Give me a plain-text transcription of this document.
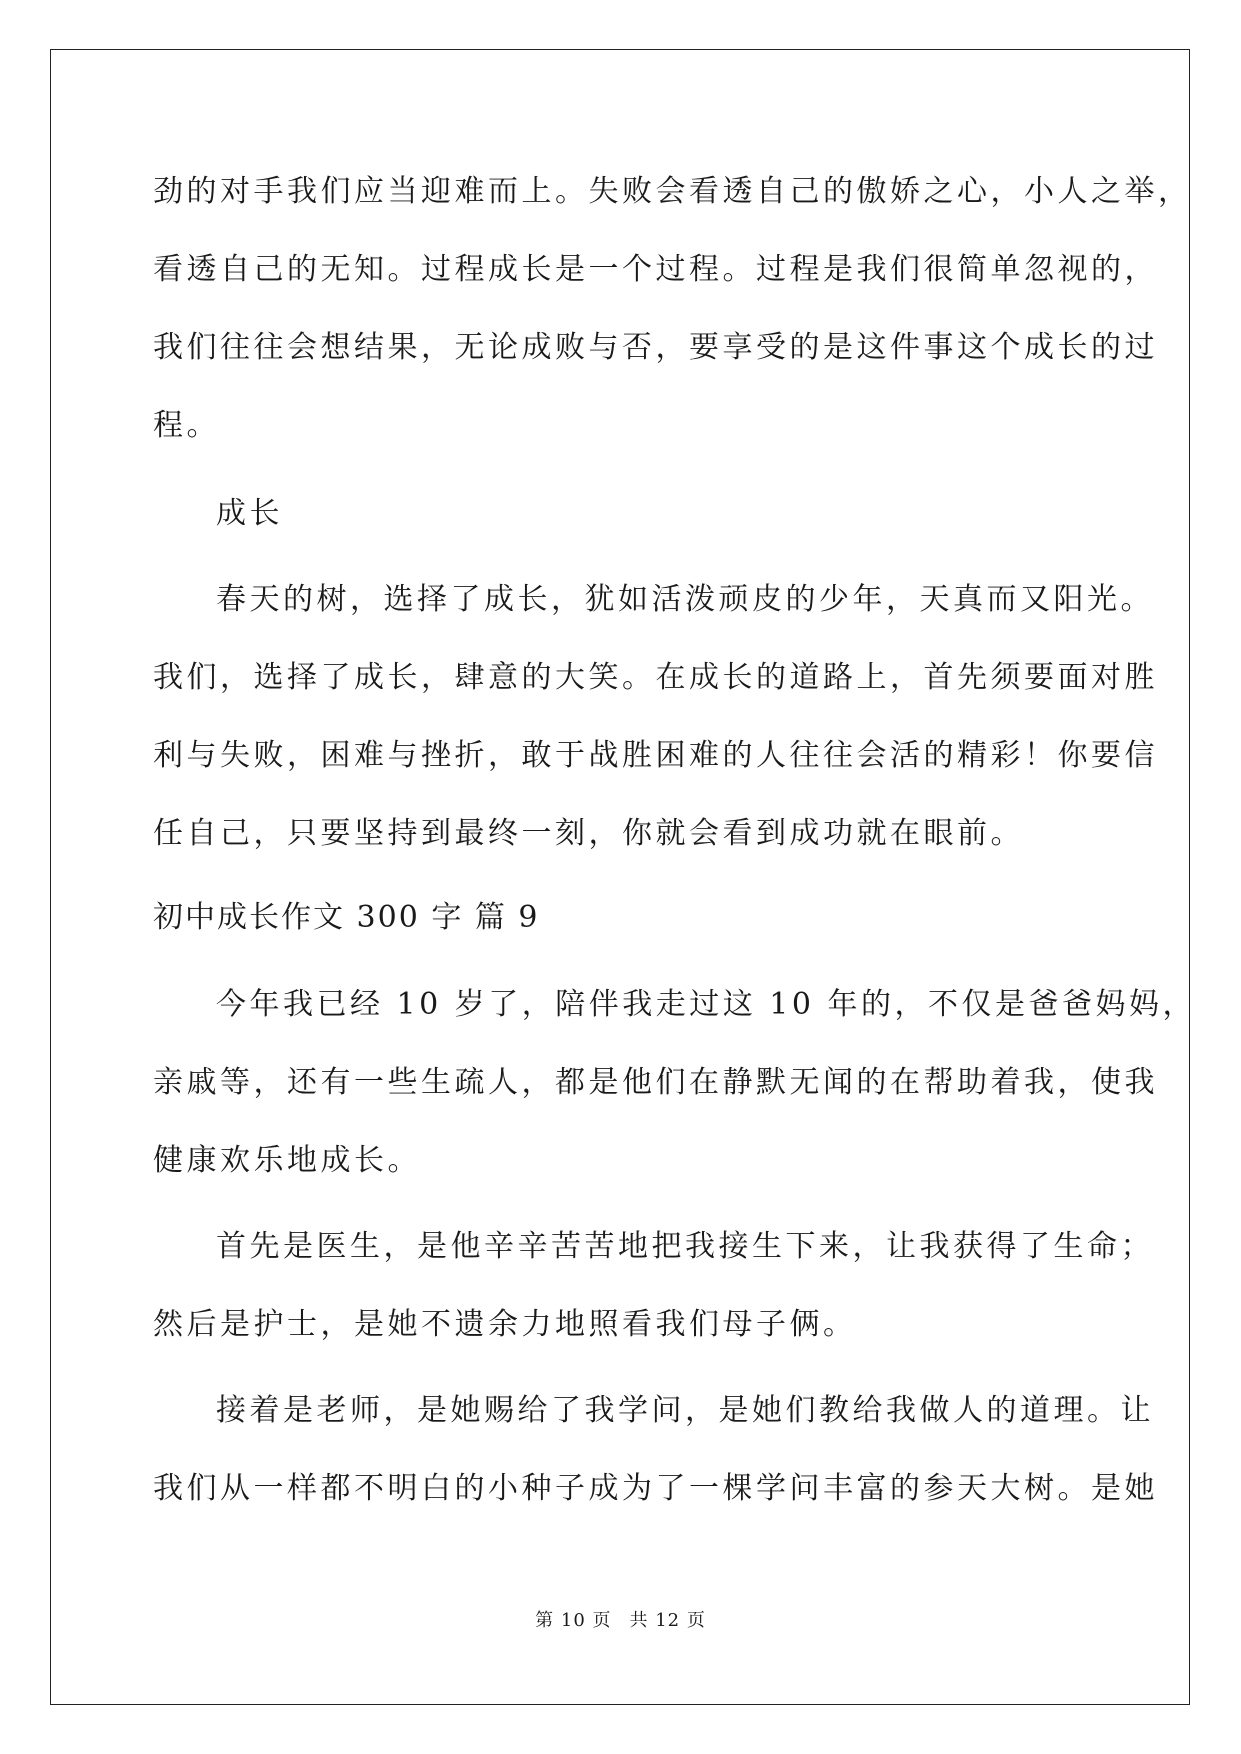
劲的对手我们应当迎难而上。失败会看透自己的傲娇之心，小人之举，
看透自己的无知。过程成长是一个过程。过程是我们很简单忽视的，
我们往往会想结果，无论成败与否，要享受的是这件事这个成长的过
程。
成长
春天的树，选择了成长，犹如活泼顽皮的少年，天真而又阳光。
我们，选择了成长，肆意的大笑。在成长的道路上，首先须要面对胜
利与失败，困难与挫折，敢于战胜困难的人往往会活的精彩！你要信
任自己，只要坚持到最终一刻，你就会看到成功就在眼前。
初中成长作文 300 字 篇 9
今年我已经 10 岁了，陪伴我走过这 10 年的，不仅是爸爸妈妈，
亲戚等，还有一些生疏人，都是他们在静默无闻的在帮助着我，使我
健康欢乐地成长。
首先是医生，是他辛辛苦苦地把我接生下来，让我获得了生命；
然后是护士，是她不遗余力地照看我们母子俩。
接着是老师，是她赐给了我学问，是她们教给我做人的道理。让
我们从一样都不明白的小种子成为了一棵学问丰富的参天大树。是她
第 10 页 共 12 页
